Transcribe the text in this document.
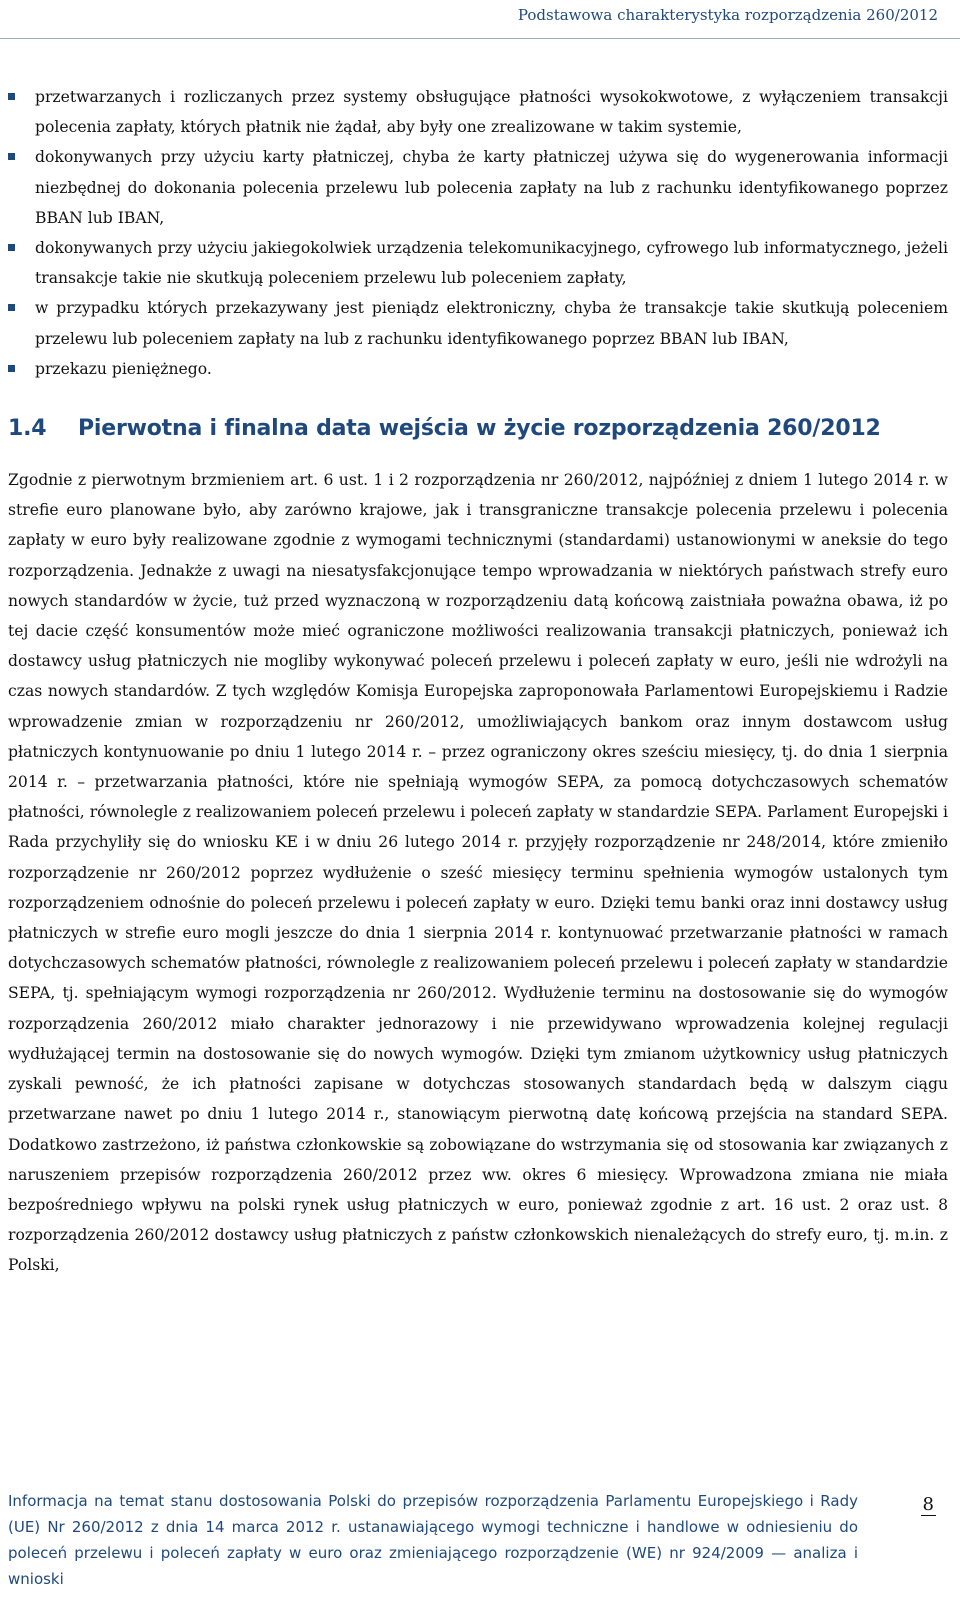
Podstawowa charakterystyka rozporządzenia 260/2012
przetwarzanych i rozliczanych przez systemy obsługujące płatności wysokokwotowe, z wyłączeniem transakcji polecenia zapłaty, których płatnik nie żądał, aby były one zrealizowane w takim systemie,
dokonywanych przy użyciu karty płatniczej, chyba że karty płatniczej używa się do wygenerowania informacji niezbędnej do dokonania polecenia przelewu lub polecenia zapłaty na lub z rachunku identyfikowanego poprzez BBAN lub IBAN,
dokonywanych przy użyciu jakiegokolwiek urządzenia telekomunikacyjnego, cyfrowego lub informatycznego, jeżeli transakcje takie nie skutkują poleceniem przelewu lub poleceniem zapłaty,
w przypadku których przekazywany jest pieniądz elektroniczny, chyba że transakcje takie skutkują poleceniem przelewu lub poleceniem zapłaty na lub z rachunku identyfikowanego poprzez BBAN lub IBAN,
przekazu pieniężnego.
1.4 Pierwotna i finalna data wejścia w życie rozporządzenia 260/2012

Zgodnie z pierwotnym brzmieniem art. 6 ust. 1 i 2 rozporządzenia nr 260/2012, najpóźniej z dniem 1 lutego 2014 r. w strefie euro planowane było, aby zarówno krajowe, jak i transgraniczne transakcje polecenia przelewu i polecenia zapłaty w euro były realizowane zgodnie z wymogami technicznymi (standardami) ustanowionymi w aneksie do tego rozporządzenia. Jednakże z uwagi na niesatysfakcjonujące tempo wprowadzania w niektórych państwach strefy euro nowych standardów w życie, tuż przed wyznaczoną w rozporządzeniu datą końcową zaistniała poważna obawa, iż po tej dacie część konsumentów może mieć ograniczone możliwości realizowania transakcji płatniczych, ponieważ ich dostawcy usług płatniczych nie mogliby wykonywać poleceń przelewu i poleceń zapłaty w euro, jeśli nie wdrożyli na czas nowych standardów. Z tych względów Komisja Europejska zaproponowała Parlamentowi Europejskiemu i Radzie wprowadzenie zmian w rozporządzeniu nr 260/2012, umożliwiających bankom oraz innym dostawcom usług płatniczych kontynuowanie po dniu 1 lutego 2014 r. – przez ograniczony okres sześciu miesięcy, tj. do dnia 1 sierpnia 2014 r. – przetwarzania płatności, które nie spełniają wymogów SEPA, za pomocą dotychczasowych schematów płatności, równolegle z realizowaniem poleceń przelewu i poleceń zapłaty w standardzie SEPA. Parlament Europejski i Rada przychyliły się do wniosku KE i w dniu 26 lutego 2014 r. przyjęły rozporządzenie nr 248/2014, które zmieniło rozporządzenie nr 260/2012 poprzez wydłużenie o sześć miesięcy terminu spełnienia wymogów ustalonych tym rozporządzeniem odnośnie do poleceń przelewu i poleceń zapłaty w euro. Dzięki temu banki oraz inni dostawcy usług płatniczych w strefie euro mogli jeszcze do dnia 1 sierpnia 2014 r. kontynuować przetwarzanie płatności w ramach dotychczasowych schematów płatności, równolegle z realizowaniem poleceń przelewu i poleceń zapłaty w standardzie SEPA, tj. spełniającym wymogi rozporządzenia nr 260/2012. Wydłużenie terminu na dostosowanie się do wymogów rozporządzenia 260/2012 miało charakter jednorazowy i nie przewidywano wprowadzenia kolejnej regulacji wydłużającej termin na dostosowanie się do nowych wymogów. Dzięki tym zmianom użytkownicy usług płatniczych zyskali pewność, że ich płatności zapisane w dotychczas stosowanych standardach będą w dalszym ciągu przetwarzane nawet po dniu 1 lutego 2014 r., stanowiącym pierwotną datę końcową przejścia na standard SEPA. Dodatkowo zastrzeżono, iż państwa członkowskie są zobowiązane do wstrzymania się od stosowania kar związanych z naruszeniem przepisów rozporządzenia 260/2012 przez ww. okres 6 miesięcy. Wprowadzona zmiana nie miała bezpośredniego wpływu na polski rynek usług płatniczych w euro, ponieważ zgodnie z art. 16 ust. 2 oraz ust. 8 rozporządzenia 260/2012 dostawcy usług płatniczych z państw członkowskich nienależących do strefy euro, tj. m.in. z Polski,

Informacja na temat stanu dostosowania Polski do przepisów rozporządzenia Parlamentu Europejskiego i Rady (UE) Nr 260/2012 z dnia 14 marca 2012 r. ustanawiającego wymogi techniczne i handlowe w odniesieniu do poleceń przelewu i poleceń zapłaty w euro oraz zmieniającego rozporządzenie (WE) nr 924/2009 — analiza i wnioski
8
